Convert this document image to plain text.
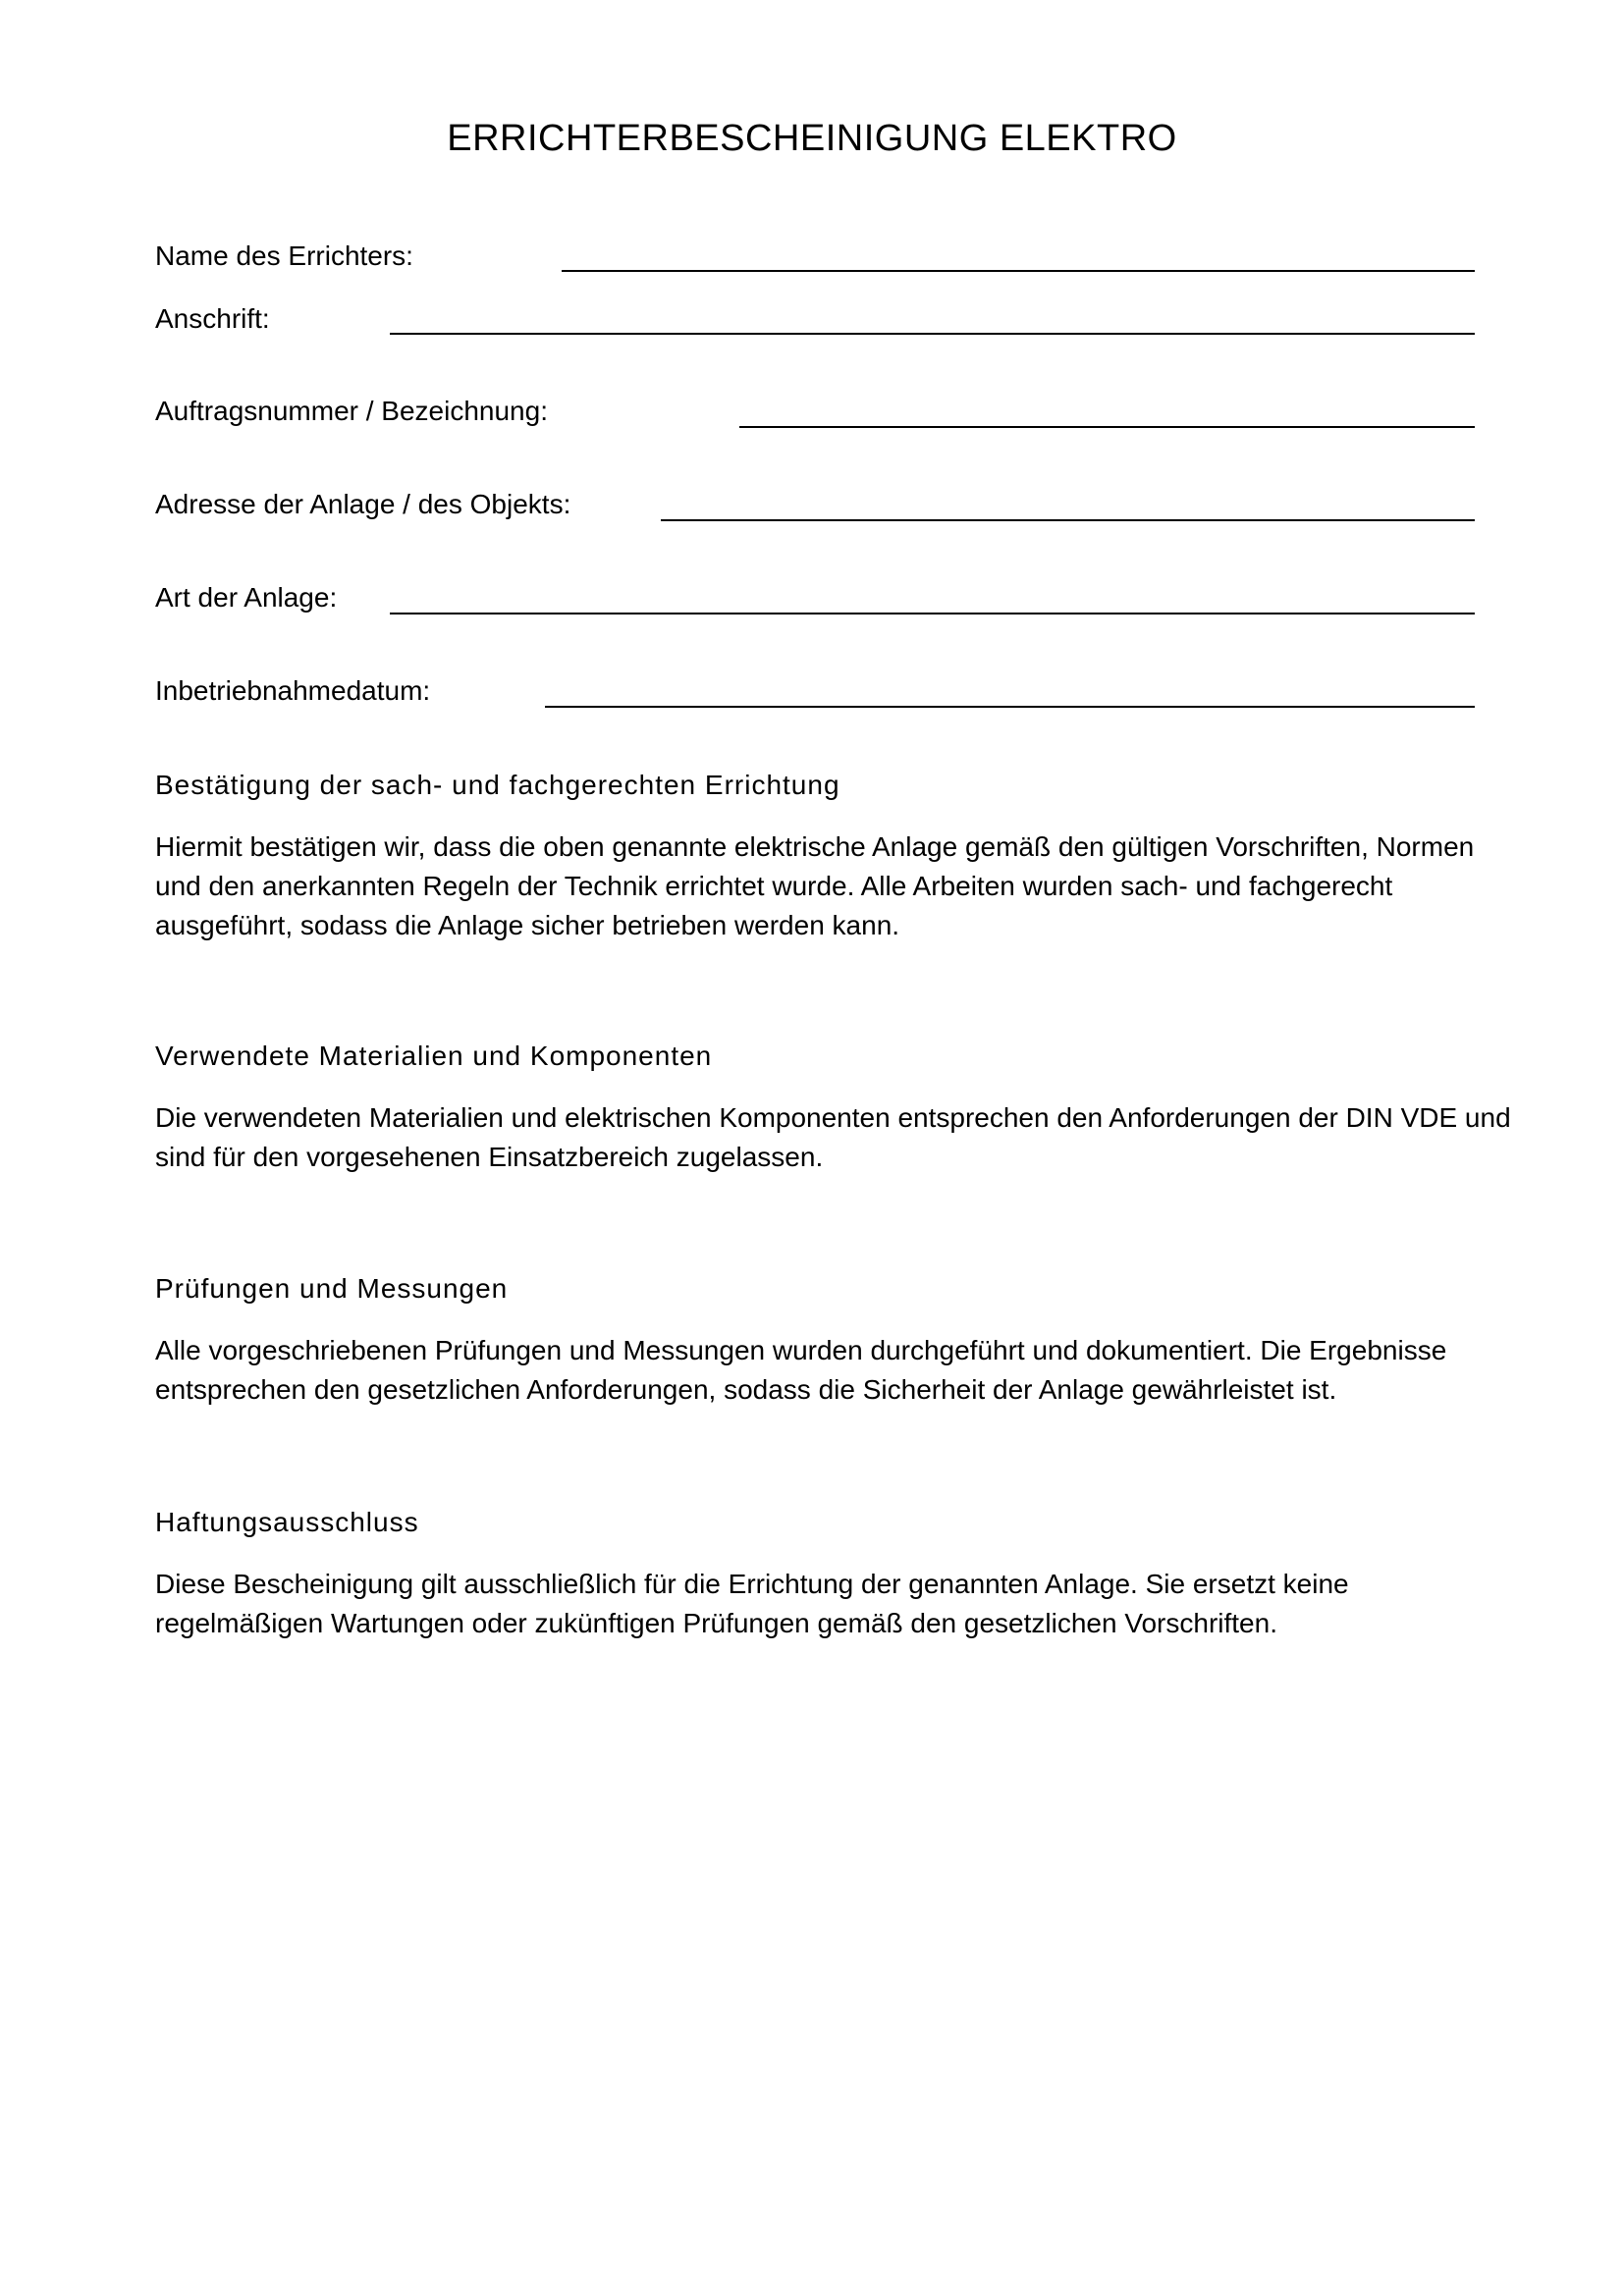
ERRICHTERBESCHEINIGUNG ELEKTRO
Name des Errichters:
Anschrift:
Auftragsnummer / Bezeichnung:
Adresse der Anlage / des Objekts:
Art der Anlage:
Inbetriebnahmedatum:
Bestätigung der sach- und fachgerechten Errichtung
Hiermit bestätigen wir, dass die oben genannte elektrische Anlage gemäß den gültigen Vorschriften, Normen und den anerkannten Regeln der Technik errichtet wurde. Alle Arbeiten wurden sach- und fachgerecht ausgeführt, sodass die Anlage sicher betrieben werden kann.
Verwendete Materialien und Komponenten
Die verwendeten Materialien und elektrischen Komponenten entsprechen den Anforderungen der DIN VDE und sind für den vorgesehenen Einsatzbereich zugelassen.
Prüfungen und Messungen
Alle vorgeschriebenen Prüfungen und Messungen wurden durchgeführt und dokumentiert. Die Ergebnisse entsprechen den gesetzlichen Anforderungen, sodass die Sicherheit der Anlage gewährleistet ist.
Haftungsausschluss
Diese Bescheinigung gilt ausschließlich für die Errichtung der genannten Anlage. Sie ersetzt keine regelmäßigen Wartungen oder zukünftigen Prüfungen gemäß den gesetzlichen Vorschriften.
